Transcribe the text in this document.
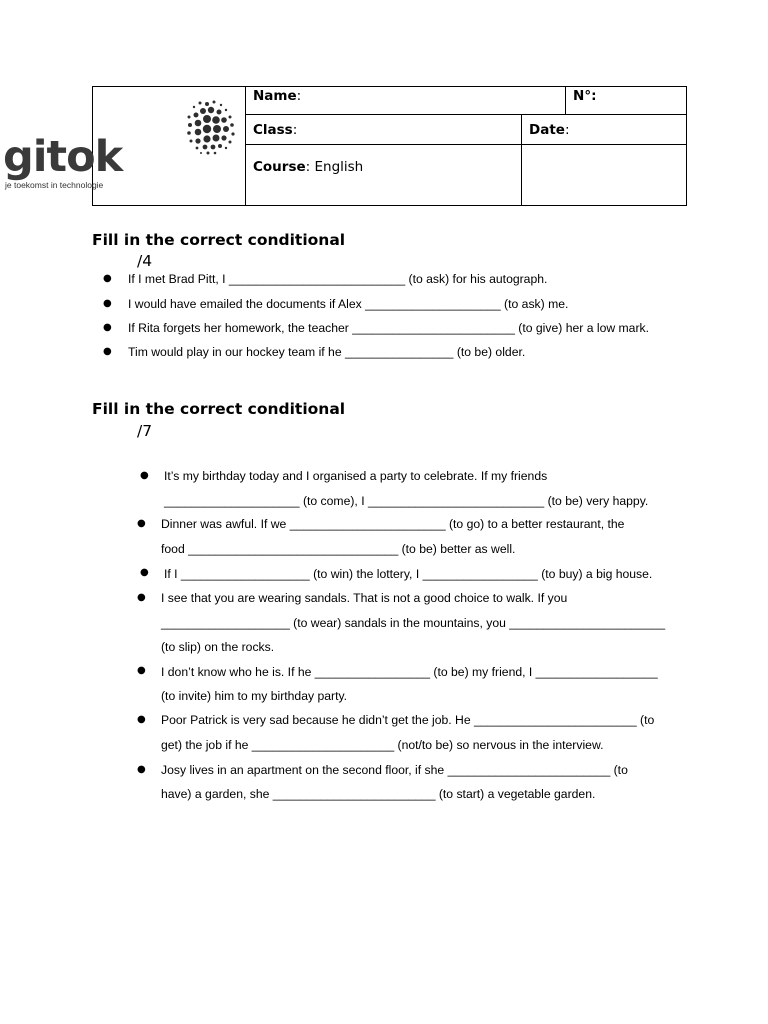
	Name:		N°:
	Class:	Date:	
	Course: English		
gitok
je toekomst in technologie
Fill in the correct conditional
/4
● If I met Brad Pitt, I __________________________ (to ask) for his autograph.

● I would have emailed the documents if Alex ____________________ (to ask) me.

● If Rita forgets her homework, the teacher ________________________ (to give) her a low mark.

● Tim would play in our hockey team if he ________________ (to be) older.

Fill in the correct conditional
/7
● It’s my birthday today and I organised a party to celebrate. If my friends

____________________ (to come), I __________________________ (to be) very happy.

● Dinner was awful. If we _______________________ (to go) to a better restaurant, the

food _______________________________ (to be) better as well.

● If I ___________________ (to win) the lottery, I _________________ (to buy) a big house.

● I see that you are wearing sandals. That is not a good choice to walk. If you

___________________ (to wear) sandals in the mountains, you _______________________

(to slip) on the rocks.

● I don’t know who he is. If he _________________ (to be) my friend, I __________________

(to invite) him to my birthday party.

● Poor Patrick is very sad because he didn’t get the job. He ________________________ (to

get) the job if he _____________________ (not/to be) so nervous in the interview.

● Josy lives in an apartment on the second floor, if she ________________________ (to

have) a garden, she ________________________ (to start) a vegetable garden.
